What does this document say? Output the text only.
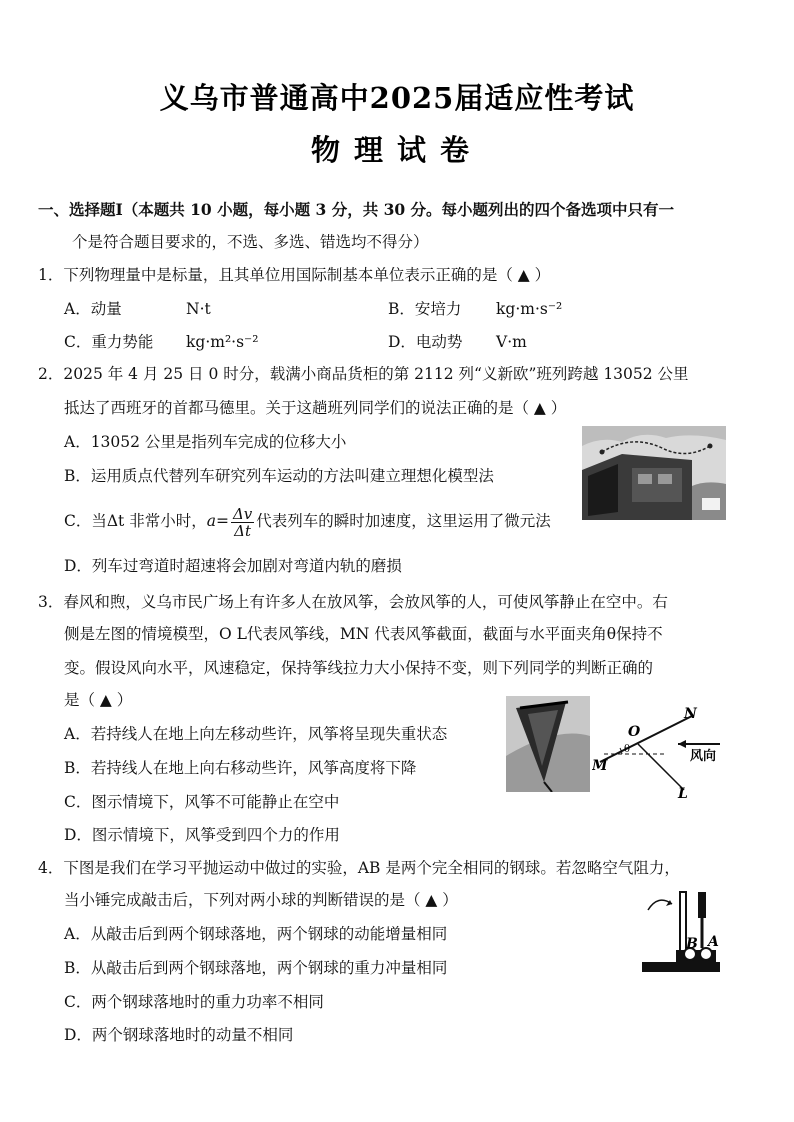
义乌市普通高中2025届适应性考试
物理试卷
一、选择题Ⅰ（本题共 10 小题，每小题 3 分，共 30 分。每小题列出的四个备选项中只有一
个是符合题目要求的，不选、多选、错选均不得分）
1．下列物理量中是标量，且其单位用国际制基本单位表示正确的是（ ▲ ）
A．动量	N·t	B．安培力 kg·m·s⁻²
C．重力势能 kg·m²·s⁻²	D．电动势 V·m
2．2025 年 4 月 25 日 0 时分，载满小商品货柜的第 2112 列“义新欧”班列跨越 13052 公里
抵达了西班牙的首都马德里。关于这趟班列同学们的说法正确的是（ ▲ ）
A．13052 公里是指列车完成的位移大小
B．运用质点代替列车研究列车运动的方法叫建立理想化模型法
C．当Δt 非常小时，$a= \frac{\Delta v}{\Delta t}$ 代表列车的瞬时加速度，这里运用了微元法
D．列车过弯道时超速将会加剧对弯道内轨的磨损
3．春风和煦，义乌市民广场上有许多人在放风筝，会放风筝的人，可使风筝静止在空中。右
侧是左图的情境模型，O L代表风筝线，MN 代表风筝截面，截面与水平面夹角θ保持不
变。假设风向水平，风速稳定，保持筝线拉力大小保持不变，则下列同学的判断正确的
是（ ▲ ）
A．若持线人在地上向左移动些许，风筝将呈现失重状态
B．若持线人在地上向右移动些许，风筝高度将下降
C．图示情境下，风筝不可能静止在空中
D．图示情境下，风筝受到四个力的作用
O
N
M
L
θ	风向
4．下图是我们在学习平抛运动中做过的实验，AB 是两个完全相同的钢球。若忽略空气阻力，
当小锤完成敲击后，下列对两小球的判断错误的是（ ▲ ）
A．从敲击后到两个钢球落地，两个钢球的动能增量相同
B．从敲击后到两个钢球落地，两个钢球的重力冲量相同
C．两个钢球落地时的重力功率不相同
D．两个钢球落地时的动量不相同
B A
